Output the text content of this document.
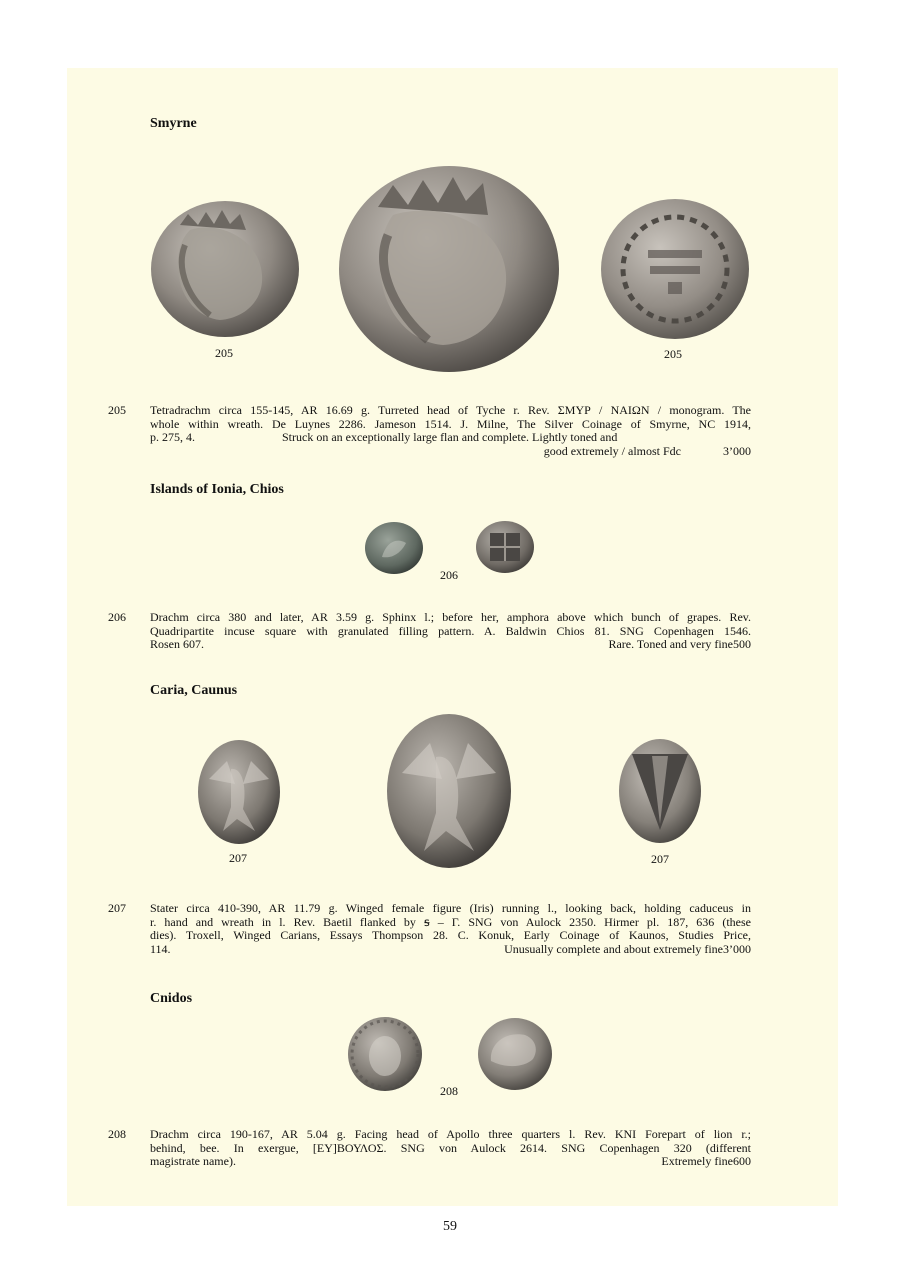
Smyrne
205	205
205 Tetradrachm circa 155-145, AR 16.69 g. Turreted head of Tyche r. Rev. ΣΜΥΡ / ΝΑΙΩΝ / monogram. The
whole within wreath. De Luynes 2286. Jameson 1514. J. Milne, The Silver Coinage of Smyrne, NC 1914,
p. 275, 4.	Struck on an exceptionally large flan and complete. Lightly toned and
good extremely / almost Fdc	3’000
Islands of Ionia, Chios
206
206 Drachm circa 380 and later, AR 3.59 g. Sphinx l.; before her, amphora above which bunch of grapes. Rev.
Quadripartite incuse square with granulated filling pattern. A. Baldwin Chios 81. SNG Copenhagen 1546.
Rosen 607.	Rare. Toned and very fine 500
Caria, Caunus
207	207
207 Stater circa 410-390, AR 11.79 g. Winged female figure (Iris) running l., looking back, holding caduceus in
r. hand and wreath in l. Rev. Baetil flanked by ꟊ – Γ. SNG von Aulock 2350. Hirmer pl. 187, 636 (these
dies). Troxell, Winged Carians, Essays Thompson 28. C. Konuk, Early Coinage of Kaunos, Studies Price,
114.	Unusually complete and about extremely fine 3’000
Cnidos
208
208 Drachm circa 190-167, AR 5.04 g. Facing head of Apollo three quarters l. Rev. KNI Forepart of lion r.;
behind, bee. In exergue, [ΕΥ]ΒΟΥΛΟΣ. SNG von Aulock 2614. SNG Copenhagen 320 (different
magistrate name).	Extremely fine 600
59
